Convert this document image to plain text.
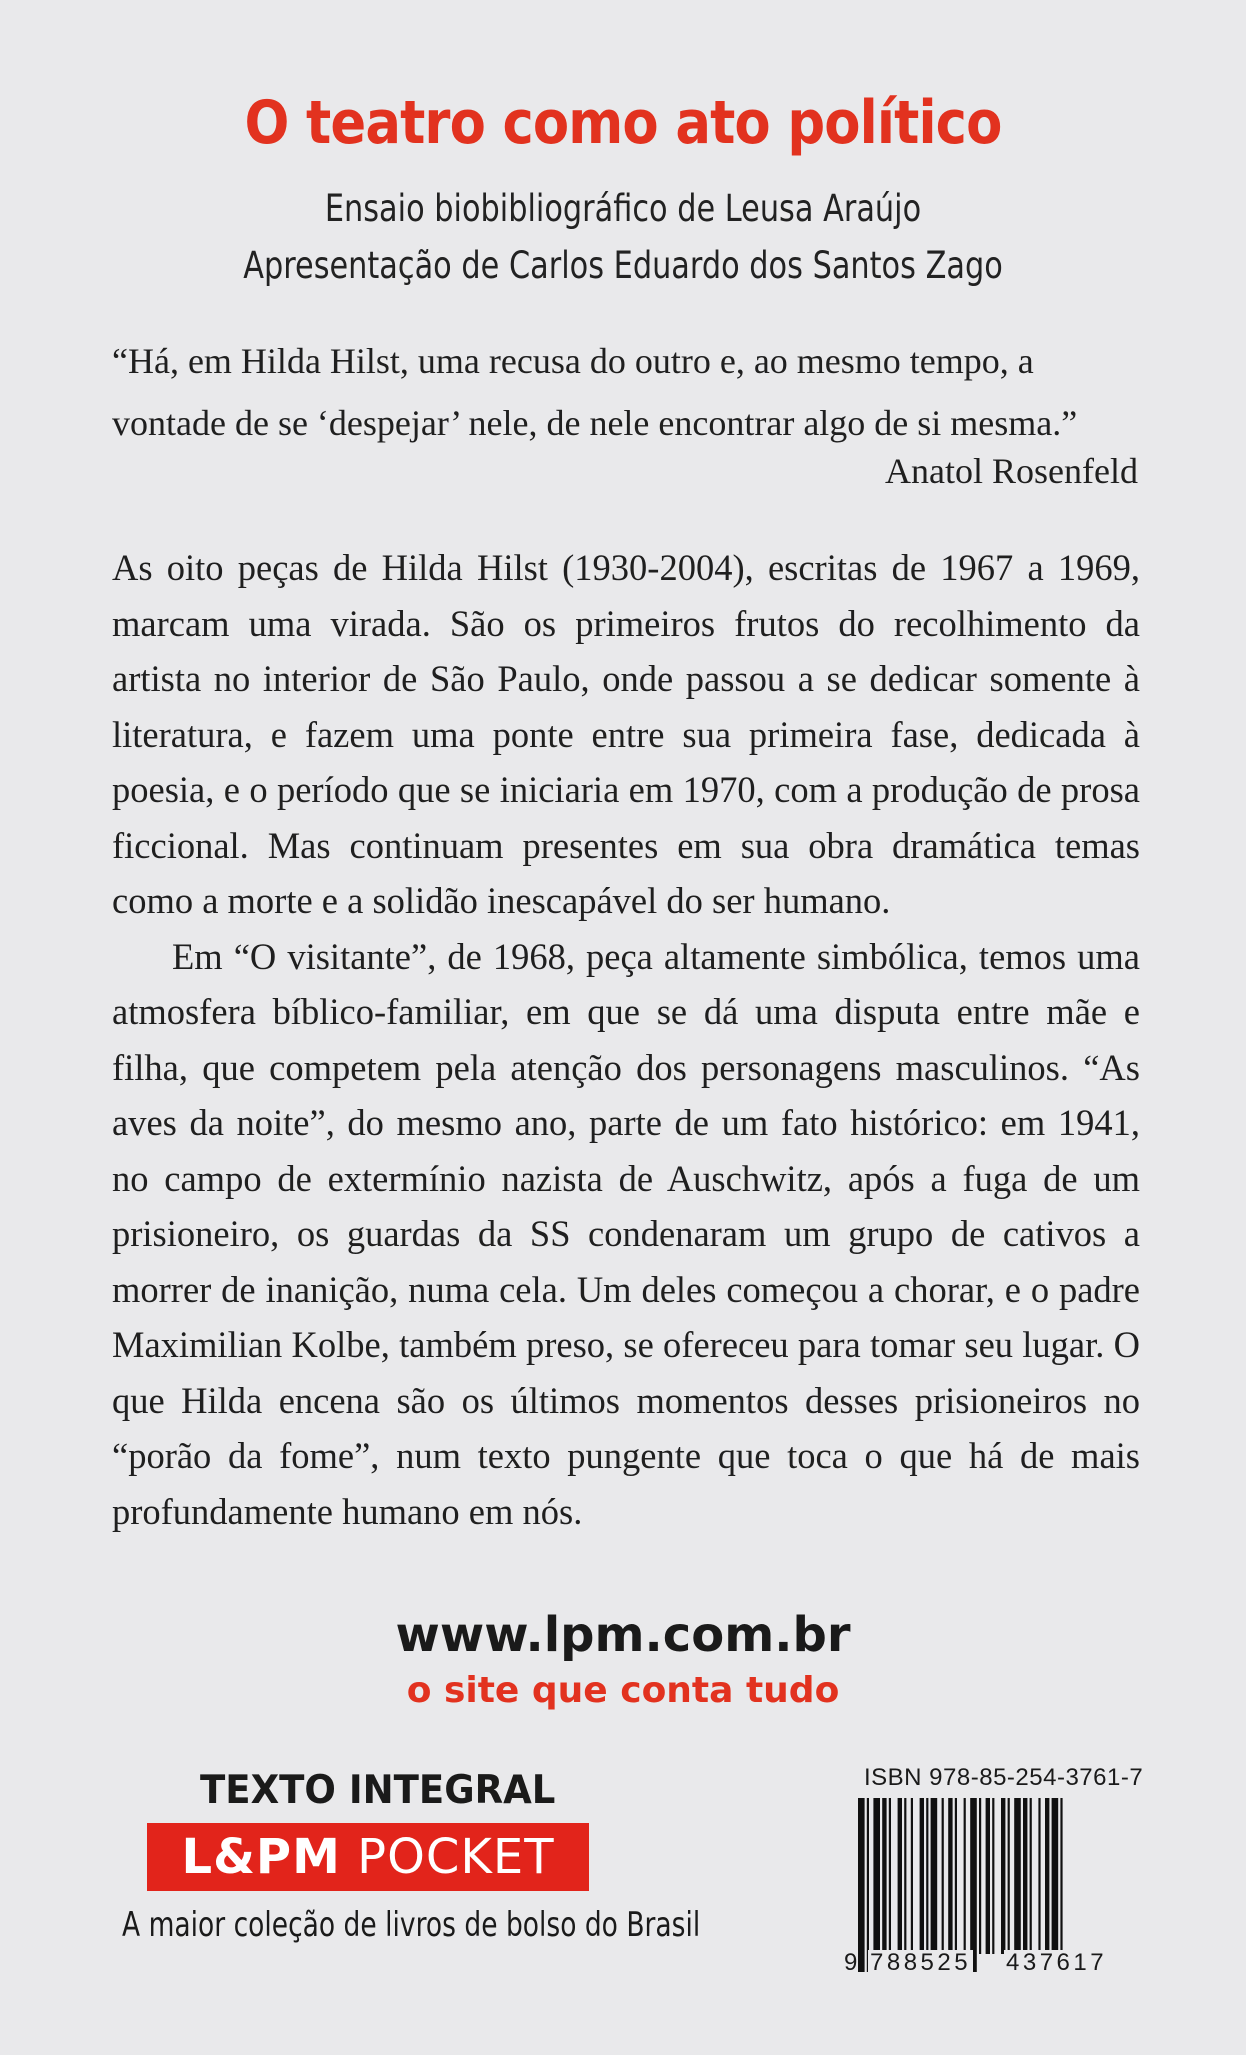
O teatro como ato político
Ensaio biobibliográfico de Leusa Araújo
Apresentação de Carlos Eduardo dos Santos Zago
“Há, em Hilda Hilst, uma recusa do outro e, ao mesmo tempo, a vontade de se ‘despejar’ nele, de nele encontrar algo de si mesma.”
Anatol Rosenfeld

As oito peças de Hilda Hilst (1930-2004), escritas de 1967 a 1969, marcam uma virada. São os primeiros frutos do recolhimento da artista no interior de São Paulo, onde passou a se dedicar somente à literatura, e fazem uma ponte entre sua primeira fase, dedicada à poesia, e o período que se iniciaria em 1970, com a produção de prosa ficcional. Mas continuam presentes em sua obra dramática temas como a morte e a solidão inescapável do ser humano.

Em “O visitante”, de 1968, peça altamente simbólica, temos uma atmosfera bíblico-familiar, em que se dá uma disputa entre mãe e filha, que competem pela atenção dos personagens masculinos. “As aves da noite”, do mesmo ano, parte de um fato histórico: em 1941, no campo de extermínio nazista de Auschwitz, após a fuga de um prisioneiro, os guardas da SS condenaram um grupo de cativos a morrer de inanição, numa cela. Um deles começou a chorar, e o padre Maximilian Kolbe, também preso, se ofereceu para tomar seu lugar. O que Hilda encena são os últimos momentos desses prisioneiros no “porão da fome”, num texto pungente que toca o que há de mais profundamente humano em nós.

www.lpm.com.br
o site que conta tudo
TEXTO INTEGRAL
L&PM POCKET
A maior coleção de livros de bolso do Brasil
ISBN 978-85-254-3761-7
9 788525 437617
